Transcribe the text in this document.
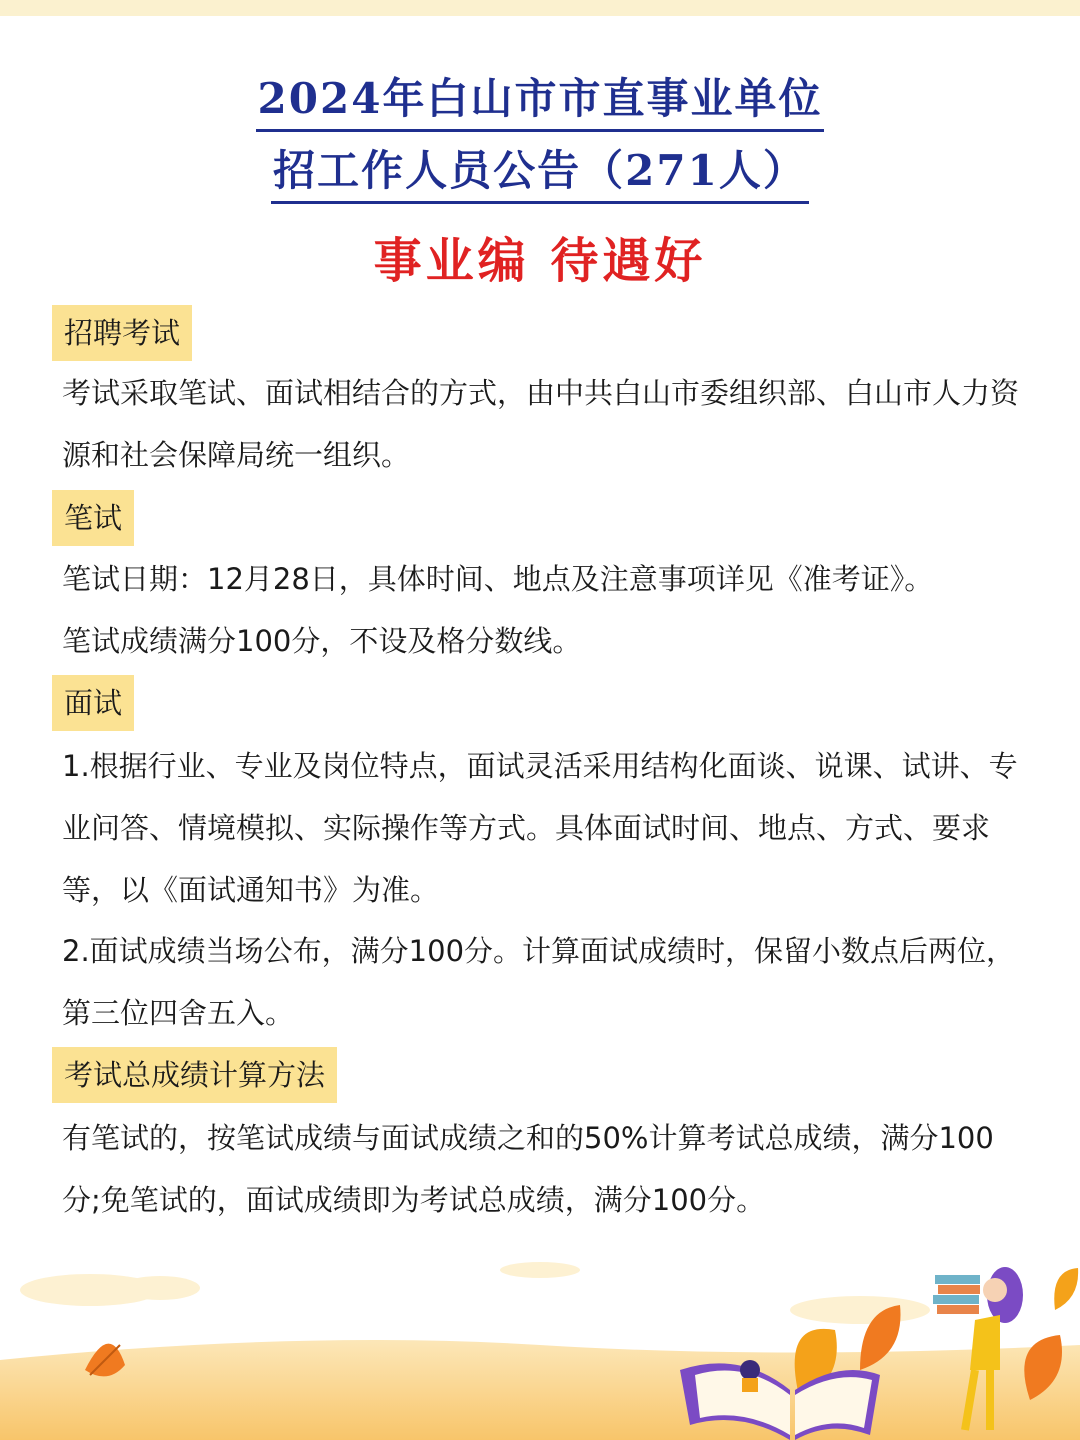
2024年白山市市直事业单位
招工作人员公告（271人）
事业编 待遇好
招聘考试
考试采取笔试、面试相结合的方式，由中共白山市委组织部、白山市人力资源和社会保障局统一组织。
笔试
笔试日期：12月28日，具体时间、地点及注意事项详见《准考证》。
笔试成绩满分100分，不设及格分数线。
面试
1.根据行业、专业及岗位特点，面试灵活采用结构化面谈、说课、试讲、专业问答、情境模拟、实际操作等方式。具体面试时间、地点、方式、要求等，以《面试通知书》为准。
2.面试成绩当场公布，满分100分。计算面试成绩时，保留小数点后两位，第三位四舍五入。
考试总成绩计算方法
有笔试的，按笔试成绩与面试成绩之和的50%计算考试总成绩，满分100分;免笔试的，面试成绩即为考试总成绩，满分100分。
